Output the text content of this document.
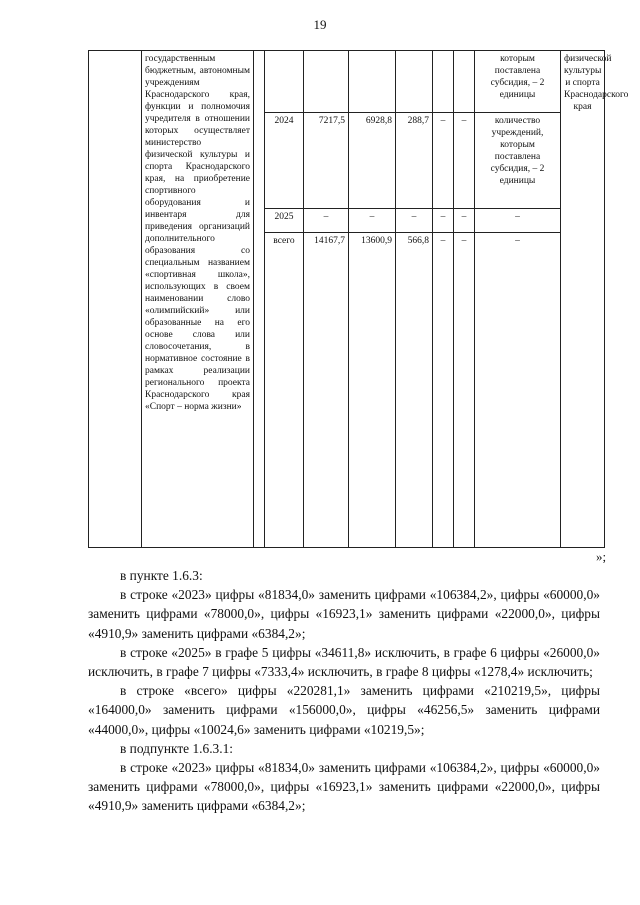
19
	государственным бюджетным, автономным учреждениям Краснодарского края, функции и полномочия учредителя в отношении которых осуществляет министерство физической культуры и спорта Краснодарского края, на приобретение спортивного оборудования и инвентаря для приведения организаций дополнительного образования со специальным названием «спортивная школа», использующих в своем наименовании слово «олимпийский» или образованные на его основе слова или словосочетания, в нормативное состояние в рамках реализации регионального проекта Краснодарского края «Спорт – норма жизни»								которым поставлена субсидия, – 2 единицы	физической культуры и спорта Краснодарского края
			2024	7217,5	6928,8	288,7	–	–	количество учреждений, которым поставлена субсидия, – 2 единицы	
			2025	–	–	–	–	–	–	
			всего	14167,7	13600,9	566,8	–	–	–	
»;

в пункте 1.6.3:

в строке «2023» цифры «81834,0» заменить цифрами «106384,2», цифры «60000,0» заменить цифрами «78000,0», цифры «16923,1» заменить цифрами «22000,0», цифры «4910,9» заменить цифрами «6384,2»;

в строке «2025» в графе 5 цифры «34611,8» исключить, в графе 6 цифры «26000,0» исключить, в графе 7 цифры «7333,4» исключить, в графе 8 цифры «1278,4» исключить;

в строке «всего» цифры «220281,1» заменить цифрами «210219,5», цифры «164000,0» заменить цифрами «156000,0», цифры «46256,5» заменить цифрами «44000,0», цифры «10024,6» заменить цифрами «10219,5»;

в подпункте 1.6.3.1:

в строке «2023» цифры «81834,0» заменить цифрами «106384,2», цифры «60000,0» заменить цифрами «78000,0», цифры «16923,1» заменить цифрами «22000,0», цифры «4910,9» заменить цифрами «6384,2»;
